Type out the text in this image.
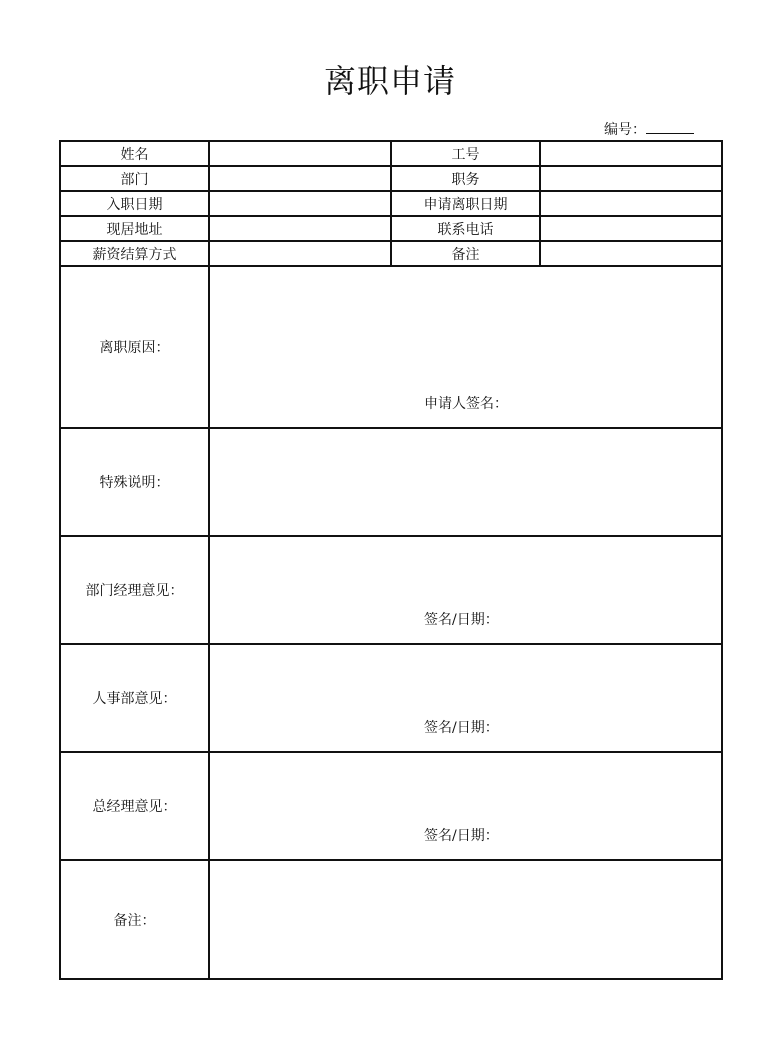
离职申请
编号：
姓名		工号	
部门		职务	
入职日期		申请离职日期	
现居地址		联系电话	
薪资结算方式		备注	
离职原因：	申请人签名：		

特殊说明：			
部门经理意见：	签名/日期：		

人事部意见：	签名/日期：		

总经理意见：	签名/日期：		

备注：			
